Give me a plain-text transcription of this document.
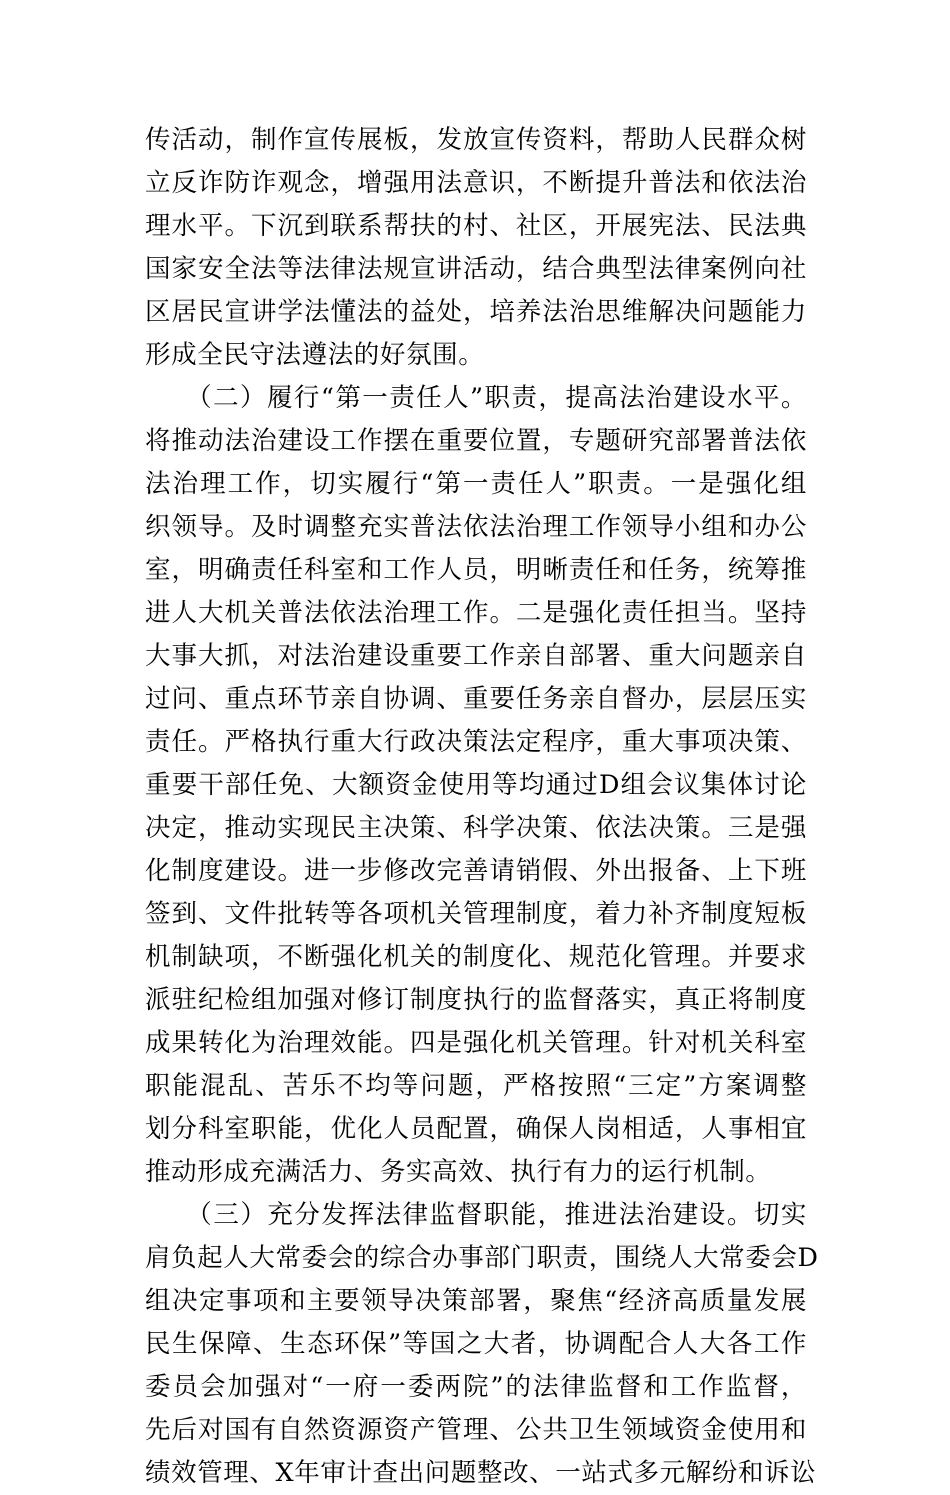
传活动，制作宣传展板，发放宣传资料，帮助人民群众树
立反诈防诈观念，增强用法意识，不断提升普法和依法治
理水平。下沉到联系帮扶的村、社区，开展宪法、民法典
国家安全法等法律法规宣讲活动，结合典型法律案例向社
区居民宣讲学法懂法的益处，培养法治思维解决问题能力
形成全民守法遵法的好氛围。
　　（二）履行“第一责任人”职责，提高法治建设水平。
将推动法治建设工作摆在重要位置，专题研究部署普法依
法治理工作，切实履行“第一责任人”职责。一是强化组
织领导。及时调整充实普法依法治理工作领导小组和办公
室，明确责任科室和工作人员，明晰责任和任务，统筹推
进人大机关普法依法治理工作。二是强化责任担当。坚持
大事大抓，对法治建设重要工作亲自部署、重大问题亲自
过问、重点环节亲自协调、重要任务亲自督办，层层压实
责任。严格执行重大行政决策法定程序，重大事项决策、
重要干部任免、大额资金使用等均通过D组会议集体讨论
决定，推动实现民主决策、科学决策、依法决策。三是强
化制度建设。进一步修改完善请销假、外出报备、上下班
签到、文件批转等各项机关管理制度，着力补齐制度短板
机制缺项，不断强化机关的制度化、规范化管理。并要求
派驻纪检组加强对修订制度执行的监督落实，真正将制度
成果转化为治理效能。四是强化机关管理。针对机关科室
职能混乱、苦乐不均等问题，严格按照“三定”方案调整
划分科室职能，优化人员配置，确保人岗相适，人事相宜
推动形成充满活力、务实高效、执行有力的运行机制。
　　（三）充分发挥法律监督职能，推进法治建设。切实
肩负起人大常委会的综合办事部门职责，围绕人大常委会D
组决定事项和主要领导决策部署，聚焦“经济高质量发展
民生保障、生态环保”等国之大者，协调配合人大各工作
委员会加强对“一府一委两院”的法律监督和工作监督，
先后对国有自然资源资产管理、公共卫生领域资金使用和
绩效管理、X年审计查出问题整改、一站式多元解纷和诉讼
